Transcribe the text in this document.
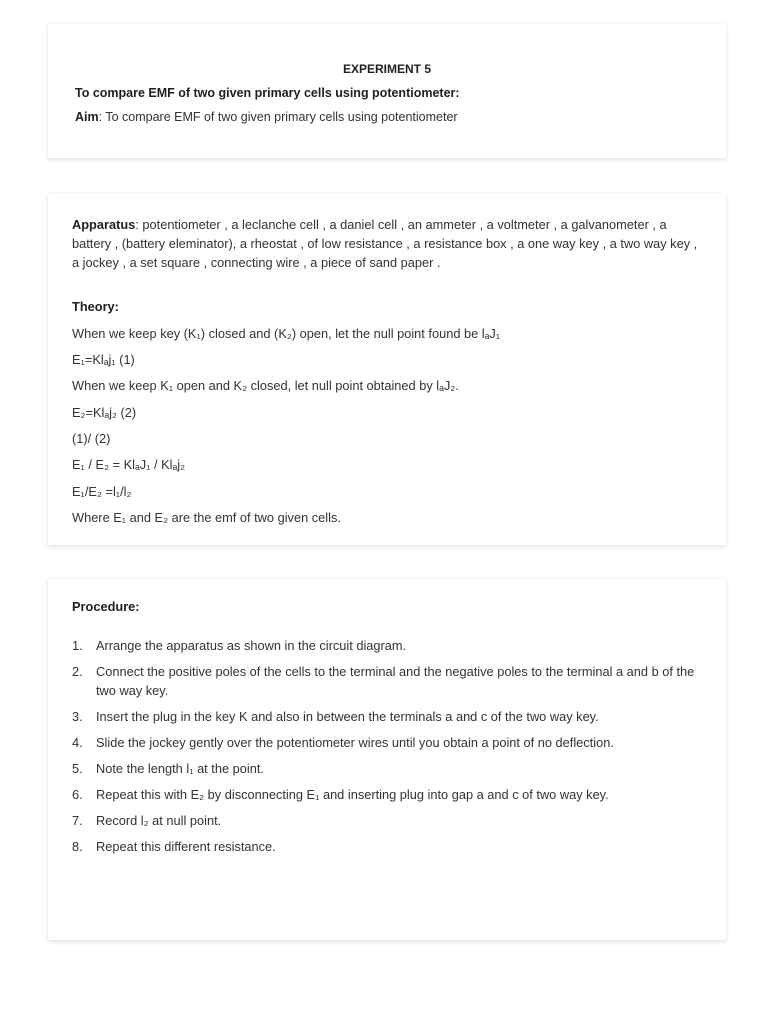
EXPERIMENT 5
To compare EMF of two given primary cells using potentiometer:
Aim: To compare EMF of two given primary cells using potentiometer
Apparatus: potentiometer , a leclanche cell , a daniel cell , an ammeter , a voltmeter , a galvanometer , a battery , (battery eleminator), a rheostat , of low resistance , a resistance box , a one way key , a two way key , a jockey , a set square , connecting wire , a piece of sand paper .
Theory:
When we keep key (K₁) closed and (K₂) open, let the null point found be lₐJ₁
E₁=Klₐj₁ (1)
When we keep K₁ open and K₂ closed, let null point obtained by lₐJ₂.
E₂=Klₐj₂ (2)
(1)/ (2)
E₁ / E₂ = KlₐJ₁ / Klₐj₂
E₁/E₂ =l₁/l₂
Where E₁ and E₂ are the emf of two given cells.
Procedure:
1. Arrange the apparatus as shown in the circuit diagram.
2. Connect the positive poles of the cells to the terminal and the negative poles to the terminal a and b of the two way key.
3. Insert the plug in the key K and also in between the terminals a and c of the two way key.
4. Slide the jockey gently over the potentiometer wires until you obtain a point of no deflection.
5. Note the length l₁ at the point.
6. Repeat this with E₂ by disconnecting E₁ and inserting plug into gap a and c of two way key.
7. Record l₂ at null point.
8. Repeat this different resistance.
